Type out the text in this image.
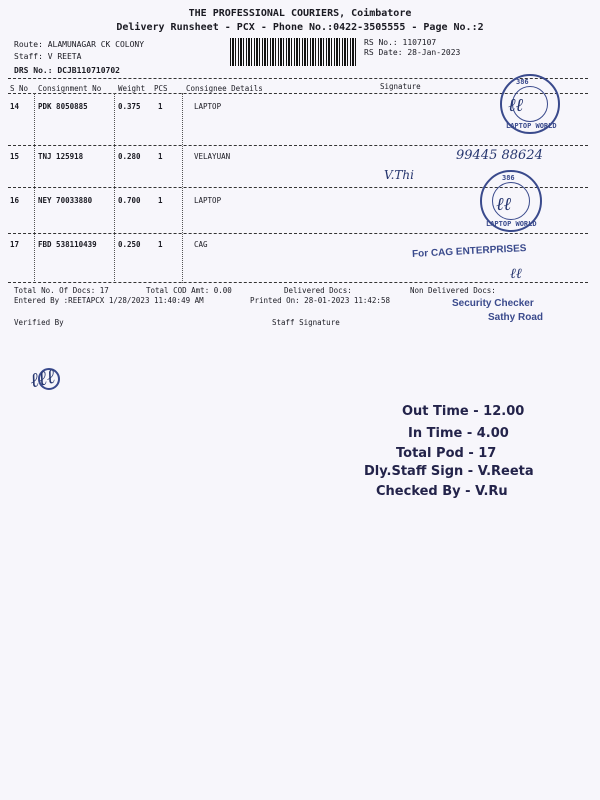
THE PROFESSIONAL COURIERS, Coimbatore
Delivery Runsheet - PCX - Phone No.:0422-3505555 - Page No.:2
Route: ALAMUNAGAR CK COLONY
Staff: V REETA
DRS No.: DCJB110710702
RS No.: 1107107
RS Date: 28-Jan-2023
S No Consignment No Weight PCS Consignee Details	Signature
14	PDK 8050885	0.375 1	LAPTOP
15	TNJ 125918	0.280 1	VELAYUAN
16	NEY 70033880	0.700 1	LAPTOP
17	FBD 538110439	0.250 1	CAG
Total No. Of Docs: 17	Total COD Amt: 0.00	Delivered Docs:	Non Delivered Docs:
Entered By :REETAPCX 1/28/2023 11:40:49 AM	Printed On: 28-01-2023 11:42:58
Verified By	Staff Signature
386
LAPTOP WORLD
386
LAPTOP WORLD
For CAG ENTERPRISES
Security Checker
Sathy Road
ℓℓ
99445 88624
V.Thi
ℓℓ
ℓℓ
ℓℓℓ
Out Time - 12.00
In Time - 4.00
Total Pod - 17
Dly.Staff Sign - V.Reeta
Checked By - V.Ru
